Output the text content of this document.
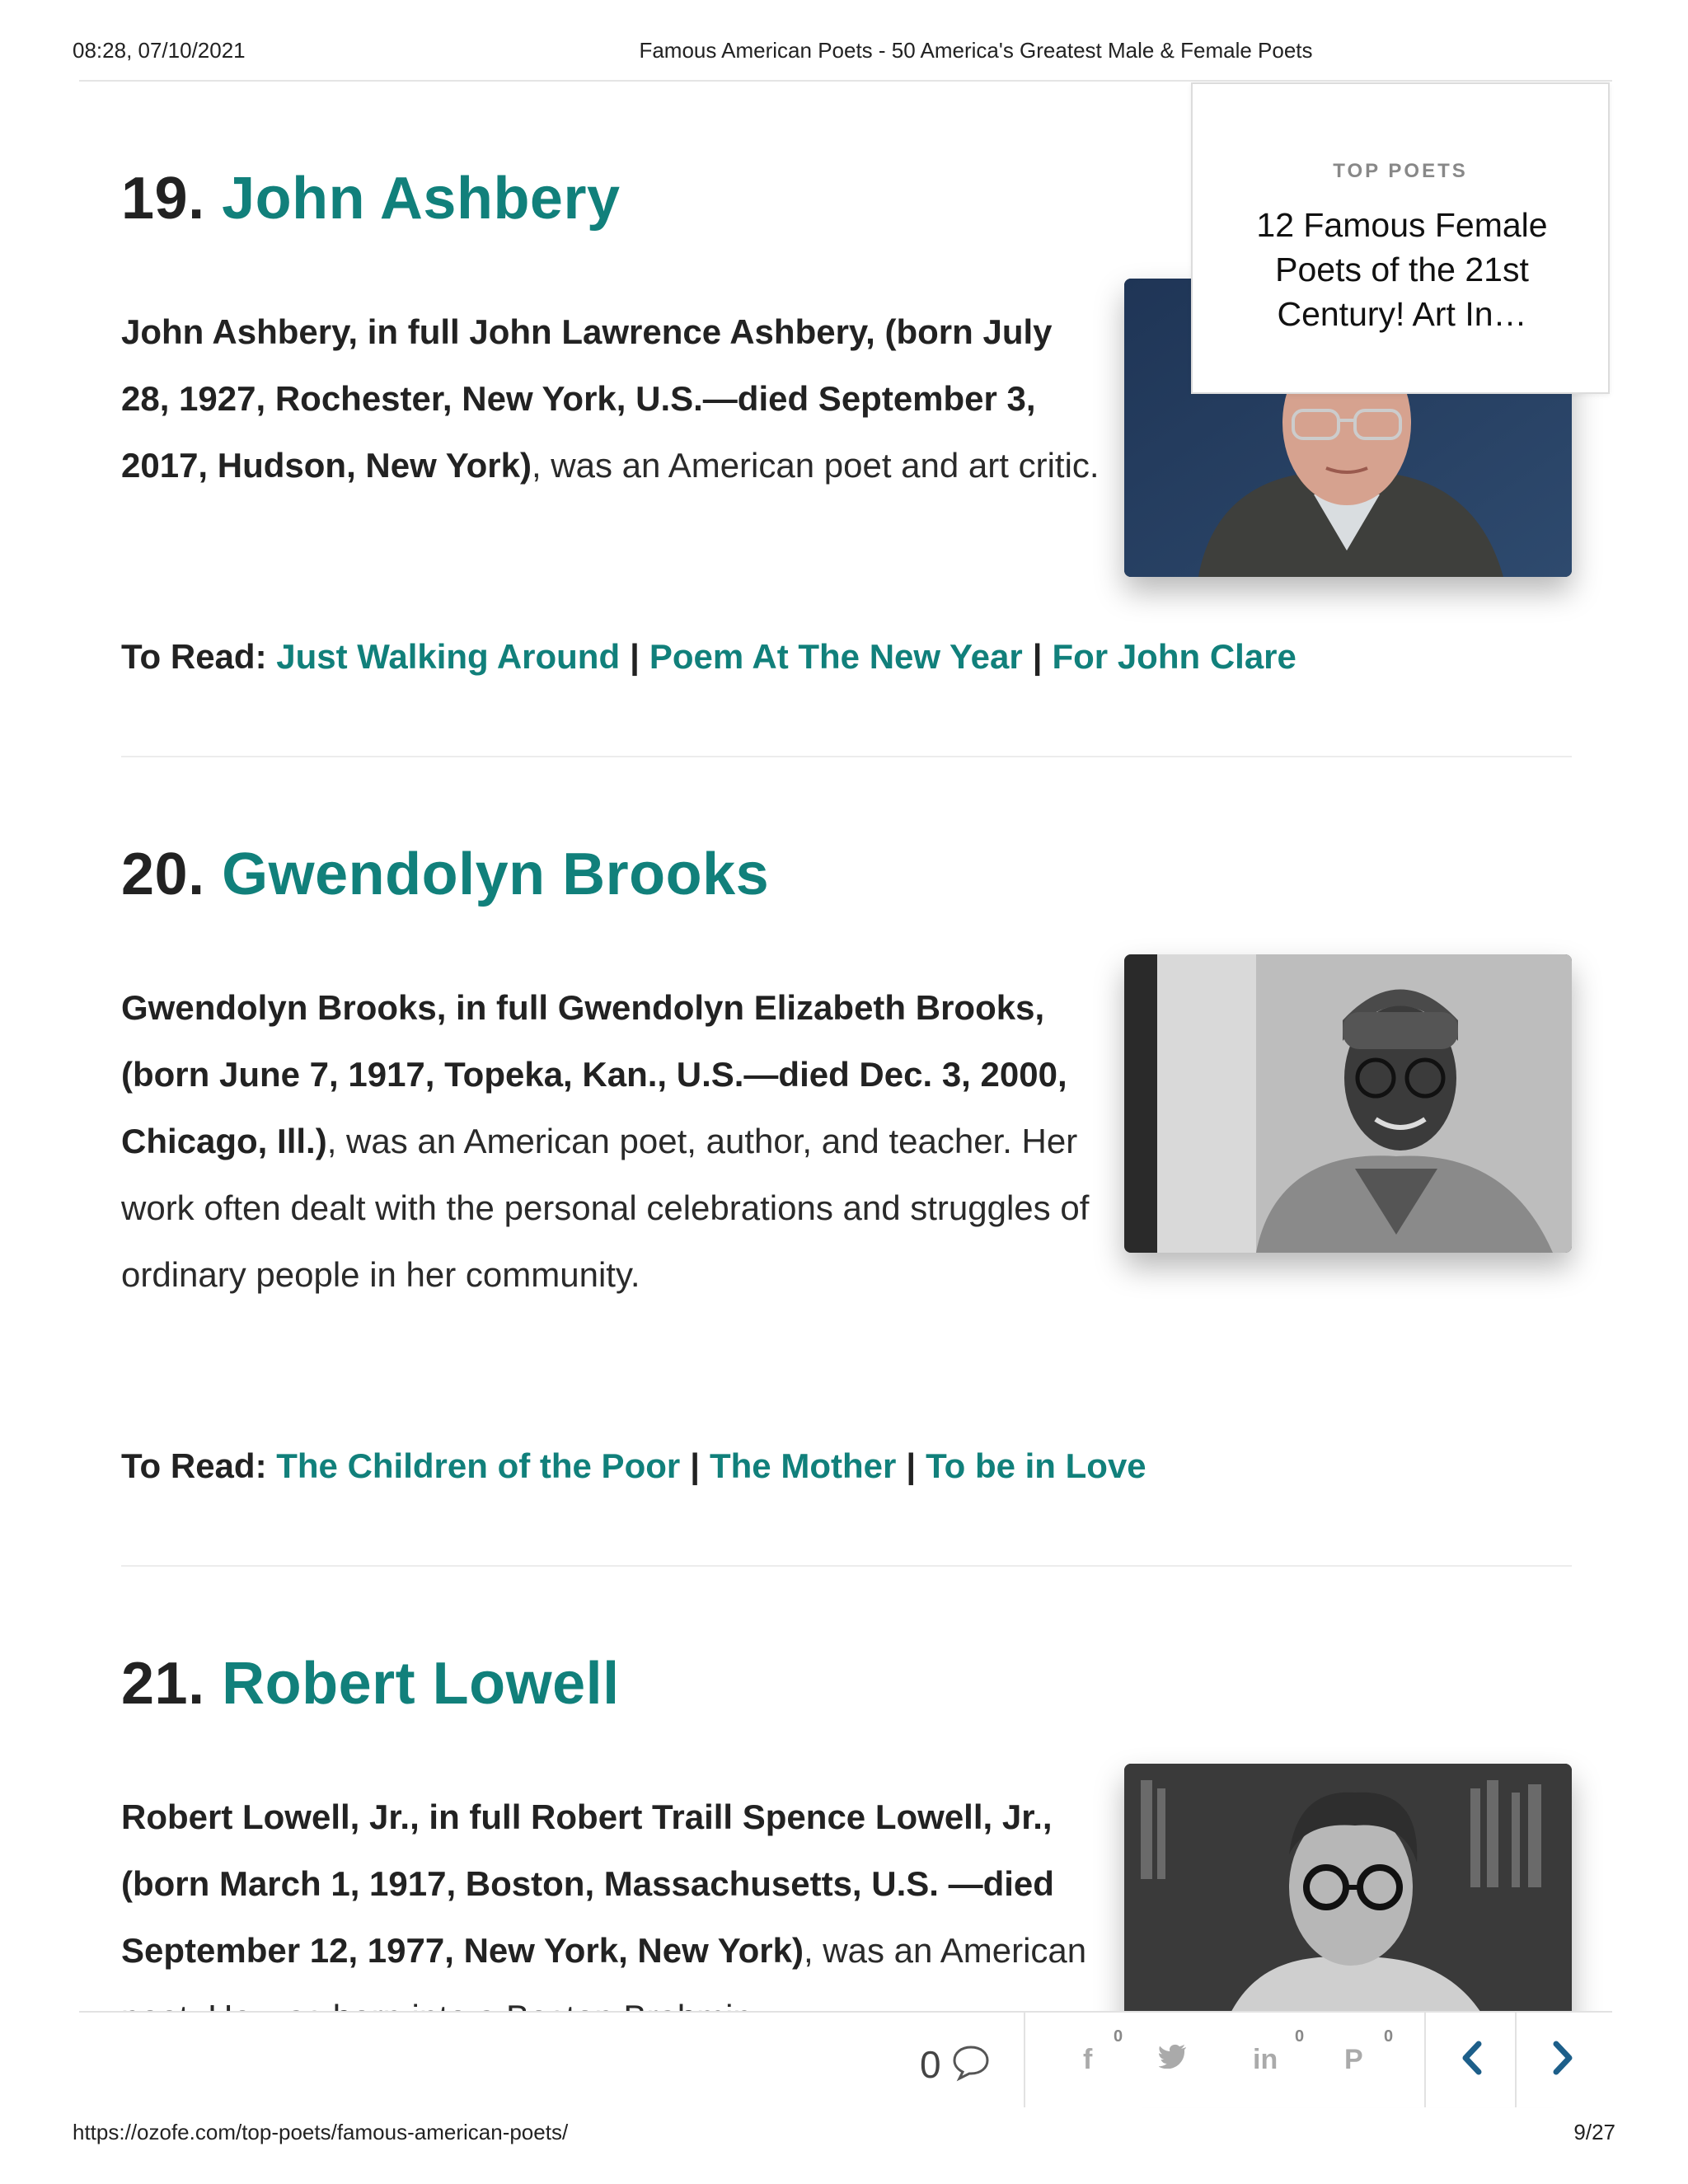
08:28, 07/10/2021	Famous American Poets - 50 America's Greatest Male & Female Poets
19. John Ashbery

John Ashbery, in full John Lawrence Ashbery, (born July 28, 1927, Rochester, New York, U.S.—died September 3, 2017, Hudson, New York), was an American poet and art critic.

To Read: Just Walking Around | Poem At The New Year | For John Clare
20. Gwendolyn Brooks

Gwendolyn Brooks, in full Gwendolyn Elizabeth Brooks, (born June 7, 1917, Topeka, Kan., U.S.—died Dec. 3, 2000, Chicago, Ill.), was an American poet, author, and teacher. Her work often dealt with the personal celebrations and struggles of ordinary people in her community.

To Read: The Children of the Poor | The Mother | To be in Love
21. Robert Lowell

Robert Lowell, Jr., in full Robert Traill Spence Lowell, Jr., (born March 1, 1917, Boston, Massachusetts, U.S. —died September 12, 1977, New York, New York), was an American

TOP POETS
12 Famous Female Poets of the 21st Century! Art In…
0
0
f
0
in
0
P
https://ozofe.com/top-poets/famous-american-poets/	9/27
